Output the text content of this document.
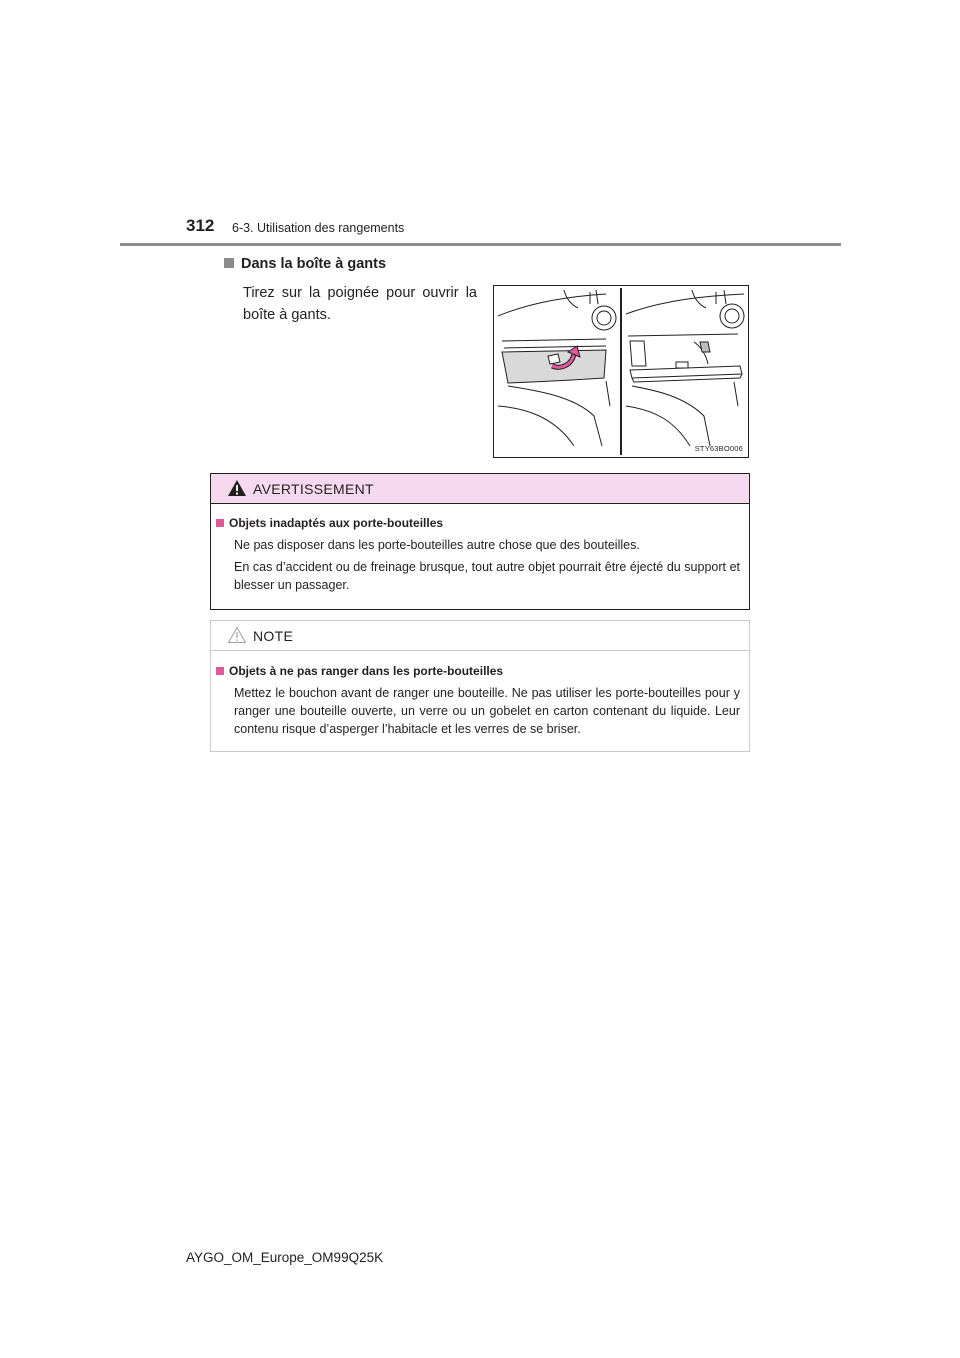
312 6-3. Utilisation des rangements
Dans la boîte à gants
Tirez sur la poignée pour ouvrir la boîte à gants.
STY63BO006
AVERTISSEMENT
Objets inadaptés aux porte-bouteilles
Ne pas disposer dans les porte-bouteilles autre chose que des bouteilles.
En cas d’accident ou de freinage brusque, tout autre objet pourrait être éjecté du support et blesser un passager.
NOTE
Objets à ne pas ranger dans les porte-bouteilles
Mettez le bouchon avant de ranger une bouteille. Ne pas utiliser les porte-bouteilles pour y ranger une bouteille ouverte, un verre ou un gobelet en carton contenant du liquide. Leur contenu risque d’asperger l’habitacle et les verres de se briser.
AYGO_OM_Europe_OM99Q25K
